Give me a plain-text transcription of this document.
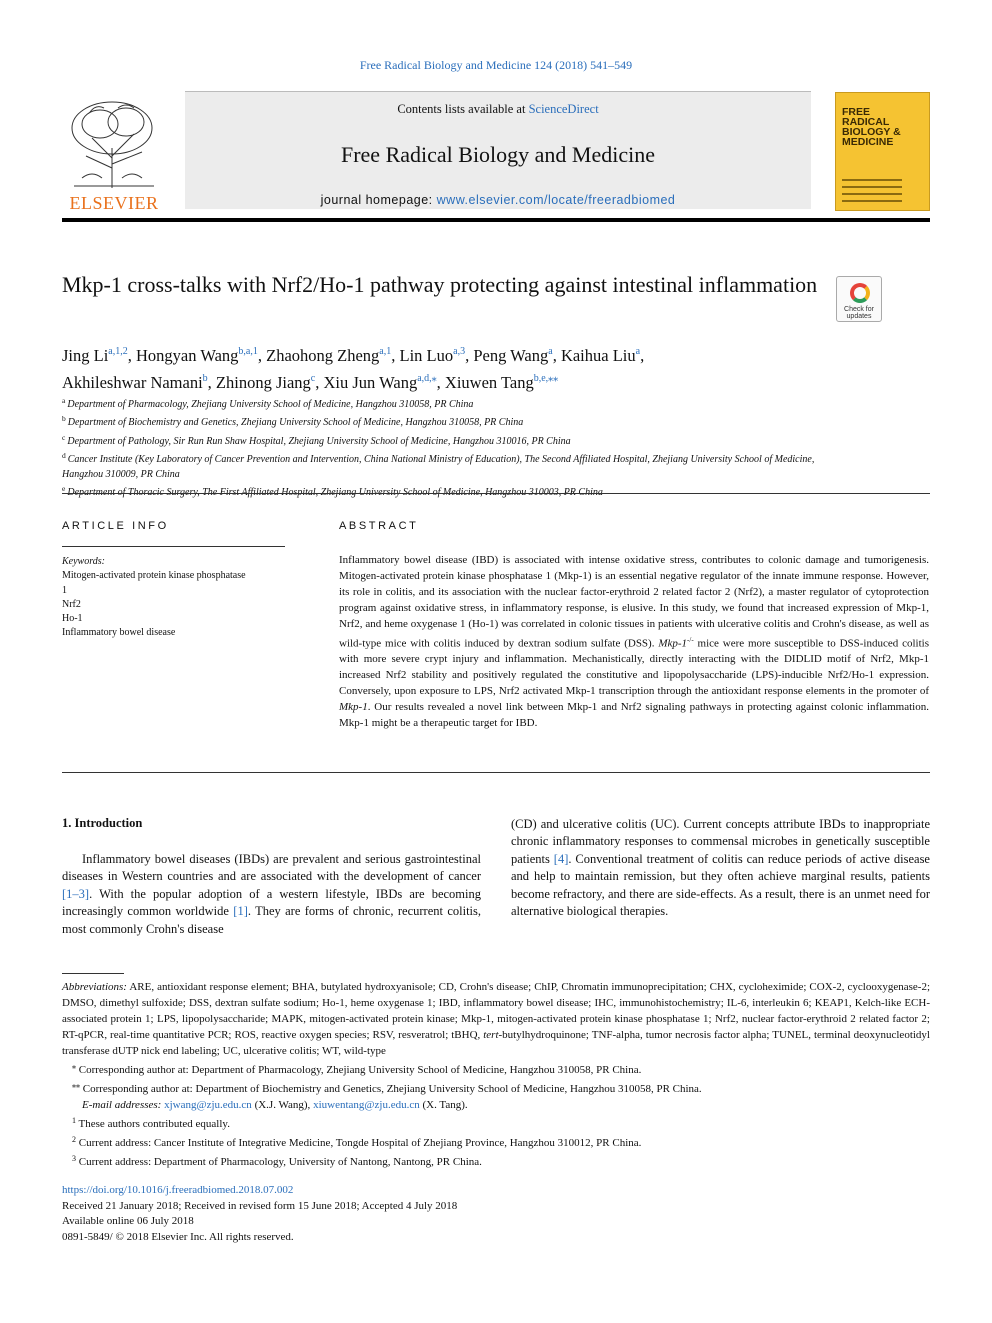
Free Radical Biology and Medicine 124 (2018) 541–549
ELSEVIER
Contents lists available at ScienceDirect
Free Radical Biology and Medicine
journal homepage: www.elsevier.com/locate/freeradbiomed
FREE
RADICAL
BIOLOGY &
MEDICINE
Mkp-1 cross-talks with Nrf2/Ho-1 pathway protecting against intestinal inflammation
Check for
updates
Jing Li$^{a,1,2}$, Hongyan Wang$^{b,a,1}$, Zhaohong Zheng$^{a,1}$, Lin Luo$^{a,3}$, Peng Wang$^a$, Kaihua Liu$^a$,
Akhileshwar Namani$^b$, Zhinong Jiang$^c$, Xiu Jun Wang$^{a,d,⁎}$, Xiuwen Tang$^{b,e,⁎⁎}$
$^a$ Department of Pharmacology, Zhejiang University School of Medicine, Hangzhou 310058, PR China
$^b$ Department of Biochemistry and Genetics, Zhejiang University School of Medicine, Hangzhou 310058, PR China
$^c$ Department of Pathology, Sir Run Run Shaw Hospital, Zhejiang University School of Medicine, Hangzhou 310016, PR China
$^d$ Cancer Institute (Key Laboratory of Cancer Prevention and Intervention, China National Ministry of Education), The Second Affiliated Hospital, Zhejiang University School of Medicine, Hangzhou 310009, PR China
$^e$
ARTICLE INFO
Keywords:
Mitogen-activated protein kinase phosphatase
1
Nrf2
Ho-1
Inflammatory bowel disease
ABSTRACT
Inflammatory bowel disease (IBD) is associated with intense oxidative stress, contributes to colonic damage and tumorigenesis. Mitogen-activated protein kinase phosphatase 1 (Mkp-1) is an essential negative regulator of the innate immune response. However, its role in colitis, and its association with the nuclear factor-erythroid 2 related factor 2 (Nrf2), a master regulator of cytoprotection program against oxidative stress, in inflammatory response, is elusive. In this study, we found that increased expression of Mkp-1, Nrf2, and heme oxygenase 1 (Ho-1) was correlated in colonic tissues in patients with ulcerative colitis and Crohn's disease, as well as wild-type mice with colitis induced by dextran sodium sulfate (DSS). Mkp-1-/- mice were more susceptible to DSS-induced colitis with more severe crypt injury and inflammation. Mechanistically, directly interacting with the DIDLID motif of Nrf2, Mkp-1 increased Nrf2 stability and positively regulated the constitutive and lipopolysaccharide (LPS)-inducible Nrf2/Ho-1 expression. Conversely, upon exposure to LPS, Nrf2 activated Mkp-1 transcription through the antioxidant response elements in the promoter of Mkp-1. Our results revealed a novel link between Mkp-1 and Nrf2 signaling pathways in protecting against colonic inflammation. Mkp-1 might be a therapeutic target for IBD.
1. Introduction
Inflammatory bowel diseases (IBDs) are prevalent and serious gastrointestinal diseases in Western countries and are associated with the development of cancer [1–3]. With the popular adoption of a western lifestyle, IBDs are becoming increasingly common worldwide [1]. They are forms of chronic, recurrent colitis, most commonly Crohn's disease
(CD) and ulcerative colitis (UC). Current concepts attribute IBDs to inappropriate chronic inflammatory responses to commensal microbes in genetically susceptible patients [4]. Conventional treatment of colitis can reduce periods of active disease and help to maintain remission, but they often achieve marginal results, patients become refractory, and there are side-effects. As a result, there is an unmet need for alternative biological therapies.
Abbreviations: ARE, antioxidant response element; BHA, butylated hydroxyanisole; CD, Crohn's disease; ChIP, Chromatin immunoprecipitation; CHX, cycloheximide; COX-2, cyclooxygenase-2; DMSO, dimethyl sulfoxide; DSS, dextran sulfate sodium; Ho-1, heme oxygenase 1; IBD, inflammatory bowel disease; IHC, immunohistochemistry; IL-6, interleukin 6; KEAP1, Kelch-like ECH-associated protein 1; LPS, lipopolysaccharide; MAPK, mitogen-activated protein kinase; Mkp-1, mitogen-activated protein kinase phosphatase 1; Nrf2, nuclear factor-erythroid 2 related factor 2; RT-qPCR, real-time quantitative PCR; ROS, reactive oxygen species; RSV, resveratrol; tBHQ, tert-butylhydroquinone; TNF-alpha, tumor necrosis factor alpha; TUNEL, terminal deoxynucleotidyl transferase dUTP nick end labeling; UC, ulcerative colitis; WT, wild-type
⁎ Corresponding author at: Department of Pharmacology, Zhejiang University School of Medicine, Hangzhou 310058, PR China.
⁎⁎ Corresponding author at: Department of Biochemistry and Genetics, Zhejiang University School of Medicine, Hangzhou 310058, PR China.
E-mail addresses: xjwang@zju.edu.cn (X.J. Wang), xiuwentang@zju.edu.cn (X. Tang).
$^1$ These authors contributed equally.
$^2$ Current address: Cancer Institute of Integrative Medicine, Tongde Hospital of Zhejiang Province, Hangzhou 310012, PR China.
$^3$ Current address: Department of Pharmacology, University of Nantong, Nantong, PR China.
https://doi.org/10.1016/j.freeradbiomed.2018.07.002
Received 21 January 2018; Received in revised form 15 June 2018; Accepted 4 July 2018
Available online 06 July 2018
0891-5849/ © 2018 Elsevier Inc. All rights reserved.
